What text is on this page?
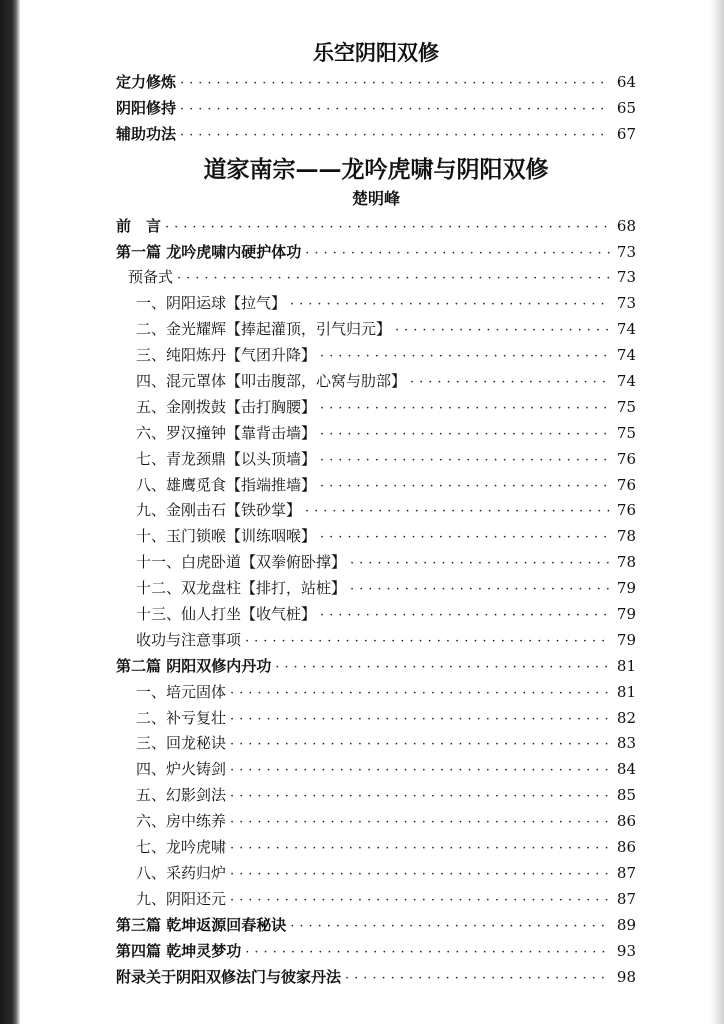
乐空阴阳双修
定力修炼 ·····	64
阴阳修持 ·····	65
辅助功法 ·····	67
道家南宗——龙吟虎啸与阴阳双修
楚明峰
前　言 ·····	68
第一篇 龙吟虎啸内硬护体功 ·····	73
预备式 ·····	73
一、阴阳运球【拉气】 ·····	73
二、金光耀辉【捧起灌顶，引气归元】 ·····	74
三、纯阳炼丹【气团升降】 ·····	74
四、混元罩体【叩击腹部，心窝与肋部】 ·····	74
五、金刚拨鼓【击打胸腰】 ·····	75
六、罗汉撞钟【靠背击墙】 ·····	75
七、青龙颈鼎【以头顶墙】 ·····	76
八、雄鹰觅食【指端推墙】 ·····	76
九、金刚击石【铁砂掌】 ·····	76
十、玉门锁喉【训练咽喉】 ·····	78
十一、白虎卧道【双拳俯卧撑】 ·····	78
十二、双龙盘柱【排打，站桩】 ·····	79
十三、仙人打坐【收气桩】 ·····	79
收功与注意事项 ·····	79
第二篇 阴阳双修内丹功 ·····	81
一、培元固体 ·····	81
二、补亏复壮 ·····	82
三、回龙秘诀 ·····	83
四、炉火铸剑 ·····	84
五、幻影剑法 ·····	85
六、房中练养 ·····	86
七、龙吟虎啸 ·····	86
八、采药归炉 ·····	87
九、阴阳还元 ·····	87
第三篇 乾坤返源回春秘诀 ·····	89
第四篇 乾坤灵梦功 ·····	93
附录关于阴阳双修法门与彼家丹法 ·····	98
